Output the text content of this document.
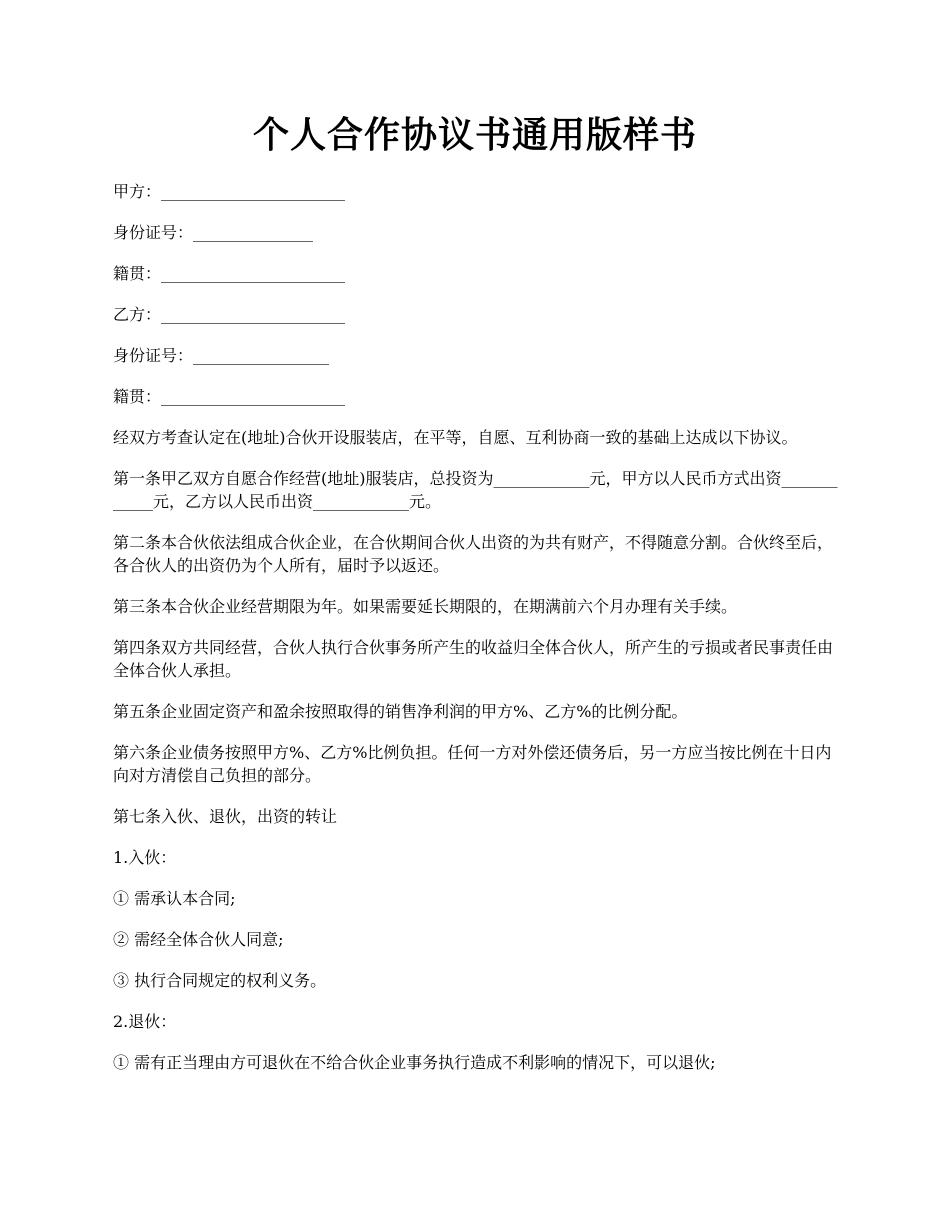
个人合作协议书通用版样书

甲方：_______________________

身份证号：_______________

籍贯：_______________________

乙方：_______________________

身份证号：_________________

籍贯：_______________________

经双方考查认定在(地址)合伙开设服装店，在平等，自愿、互利协商一致的基础上达成以下协议。

第一条甲乙双方自愿合作经营(地址)服装店，总投资为____________元，甲方以人民币方式出资____________元，乙方以人民币出资____________元。

第二条本合伙依法组成合伙企业，在合伙期间合伙人出资的为共有财产，不得随意分割。合伙终至后，各合伙人的出资仍为个人所有，届时予以返还。

第三条本合伙企业经营期限为年。如果需要延长期限的，在期满前六个月办理有关手续。

第四条双方共同经营，合伙人执行合伙事务所产生的收益归全体合伙人，所产生的亏损或者民事责任由全体合伙人承担。

第五条企业固定资产和盈余按照取得的销售净利润的甲方%、乙方%的比例分配。

第六条企业债务按照甲方%、乙方%比例负担。任何一方对外偿还债务后，另一方应当按比例在十日内向对方清偿自己负担的部分。

第七条入伙、退伙，出资的转让

1.入伙：

① 需承认本合同;

② 需经全体合伙人同意;

③ 执行合同规定的权利义务。

2.退伙：

① 需有正当理由方可退伙在不给合伙企业事务执行造成不利影响的情况下，可以退伙;
